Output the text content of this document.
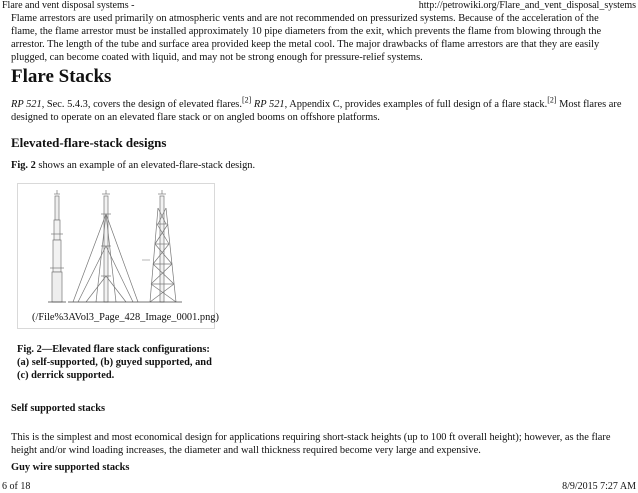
Flare and vent disposal systems -	http://petrowiki.org/Flare_and_vent_disposal_systems
Flame arrestors are used primarily on atmospheric vents and are not recommended on pressurized systems. Because of the acceleration of the flame, the flame arrestor must be installed approximately 10 pipe diameters from the exit, which prevents the flame from blowing through the arrestor. The length of the tube and surface area provided keep the metal cool. The major drawbacks of flame arrestors are that they are easily plugged, can become coated with liquid, and may not be strong enough for pressure-relief systems.
Flare Stacks
RP 521, Sec. 5.4.3, covers the design of elevated flares.[2] RP 521, Appendix C, provides examples of full design of a flare stack.[2] Most flares are designed to operate on an elevated flare stack or on angled booms on offshore platforms.
Elevated-flare-stack designs
Fig. 2 shows an example of an elevated-flare-stack design.
(/File%3AVol3_Page_428_Image_0001.png)
Fig. 2—Elevated flare stack configurations: (a) self-supported, (b) guyed supported, and (c) derrick supported.
Self supported stacks
This is the simplest and most economical design for applications requiring short-stack heights (up to 100 ft overall height); however, as the flare height and/or wind loading increases, the diameter and wall thickness required become very large and expensive.
Guy wire supported stacks
6 of 18	8/9/2015 7:27 AM
